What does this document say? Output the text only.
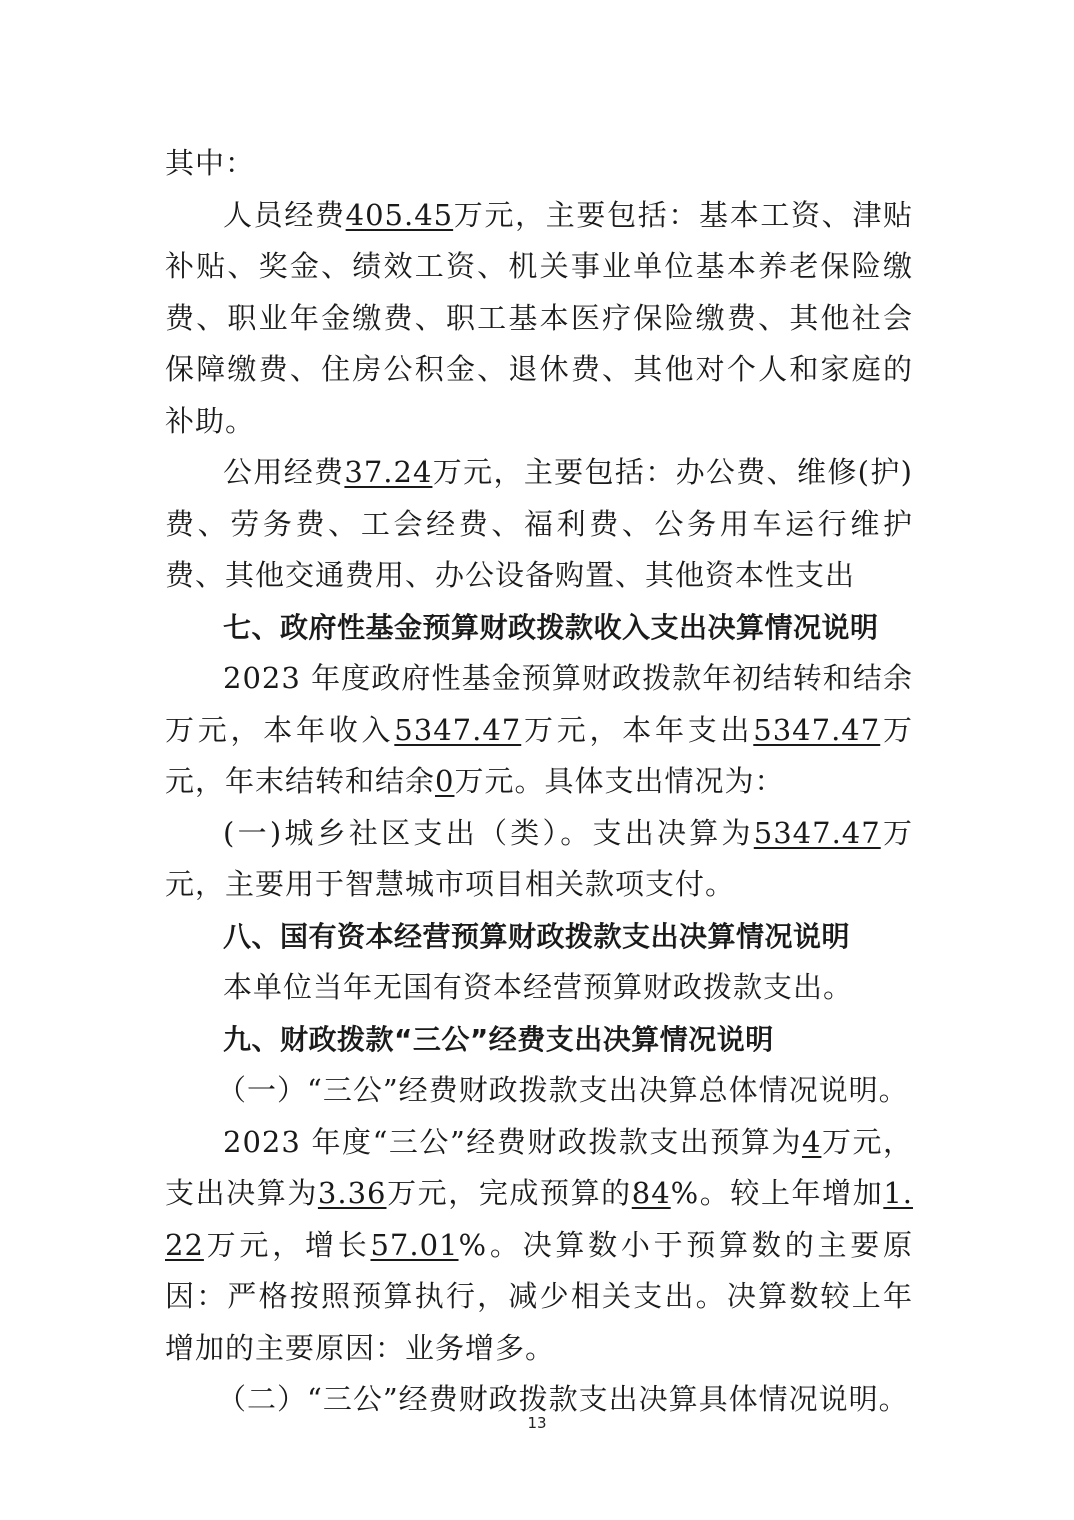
其中：

人员经费405.45万元，主要包括：基本工资、津贴补贴、奖金、绩效工资、机关事业单位基本养老保险缴费、职业年金缴费、职工基本医疗保险缴费、其他社会保障缴费、住房公积金、退休费、其他对个人和家庭的补助。

公用经费37.24万元，主要包括：办公费、维修(护)费、劳务费、工会经费、福利费、公务用车运行维护费、其他交通费用、办公设备购置、其他资本性支出

七、政府性基金预算财政拨款收入支出决算情况说明

2023 年度政府性基金预算财政拨款年初结转和结余万元，本年收入5347.47万元，本年支出5347.47万元，年末结转和结余0万元。具体支出情况为：

(一)城乡社区支出（类）。支出决算为5347.47万元，主要用于智慧城市项目相关款项支付。

八、国有资本经营预算财政拨款支出决算情况说明

本单位当年无国有资本经营预算财政拨款支出。

九、财政拨款“三公”经费支出决算情况说明

（一）“三公”经费财政拨款支出决算总体情况说明。

2023 年度“三公”经费财政拨款支出预算为4万元，支出决算为3.36万元，完成预算的84%。较上年增加1.22万元，增长57.01%。决算数小于预算数的主要原因：严格按照预算执行，减少相关支出。决算数较上年增加的主要原因：业务增多。

（二）“三公”经费财政拨款支出决算具体情况说明。

13
